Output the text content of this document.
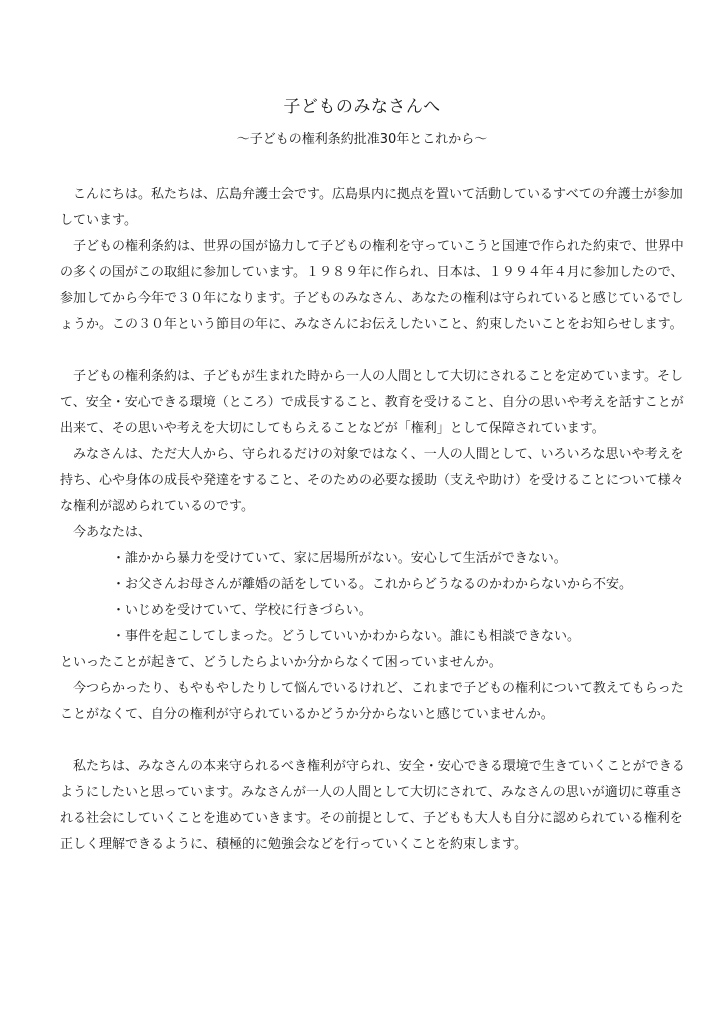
子どものみなさんへ
～子どもの権利条約批准30年とこれから～

こんにちは。私たちは、広島弁護士会です。広島県内に拠点を置いて活動しているすべての弁護士が参加しています。

子どもの権利条約は、世界の国が協力して子どもの権利を守っていこうと国連で作られた約束で、世界中の多くの国がこの取組に参加しています。１９８９年に作られ、日本は、１９９４年４月に参加したので、参加してから今年で３０年になります。子どものみなさん、あなたの権利は守られていると感じているでしょうか。この３０年という節目の年に、みなさんにお伝えしたいこと、約束したいことをお知らせします。

子どもの権利条約は、子どもが生まれた時から一人の人間として大切にされることを定めています。そして、安全・安心できる環境（ところ）で成長すること、教育を受けること、自分の思いや考えを話すことが出来て、その思いや考えを大切にしてもらえることなどが「権利」として保障されています。

みなさんは、ただ大人から、守られるだけの対象ではなく、一人の人間として、いろいろな思いや考えを持ち、心や身体の成長や発達をすること、そのための必要な援助（支えや助け）を受けることについて様々な権利が認められているのです。

今あなたは、

・ 誰かから暴力を受けていて、家に居場所がない。安心して生活ができない。
・ お父さんお母さんが離婚の話をしている。これからどうなるのかわからないから不安。
・ いじめを受けていて、学校に行きづらい。
・ 事件を起こしてしまった。どうしていいかわからない。誰にも相談できない。

といったことが起きて、どうしたらよいか分からなくて困っていませんか。

今つらかったり、もやもやしたりして悩んでいるけれど、これまで子どもの権利について教えてもらったことがなくて、自分の権利が守られているかどうか分からないと感じていませんか。

私たちは、みなさんの本来守られるべき権利が守られ、安全・安心できる環境で生きていくことができるようにしたいと思っています。みなさんが一人の人間として大切にされて、みなさんの思いが適切に尊重される社会にしていくことを進めていきます。その前提として、子どもも大人も自分に認められている権利を正しく理解できるように、積極的に勉強会などを行っていくことを約束します。
